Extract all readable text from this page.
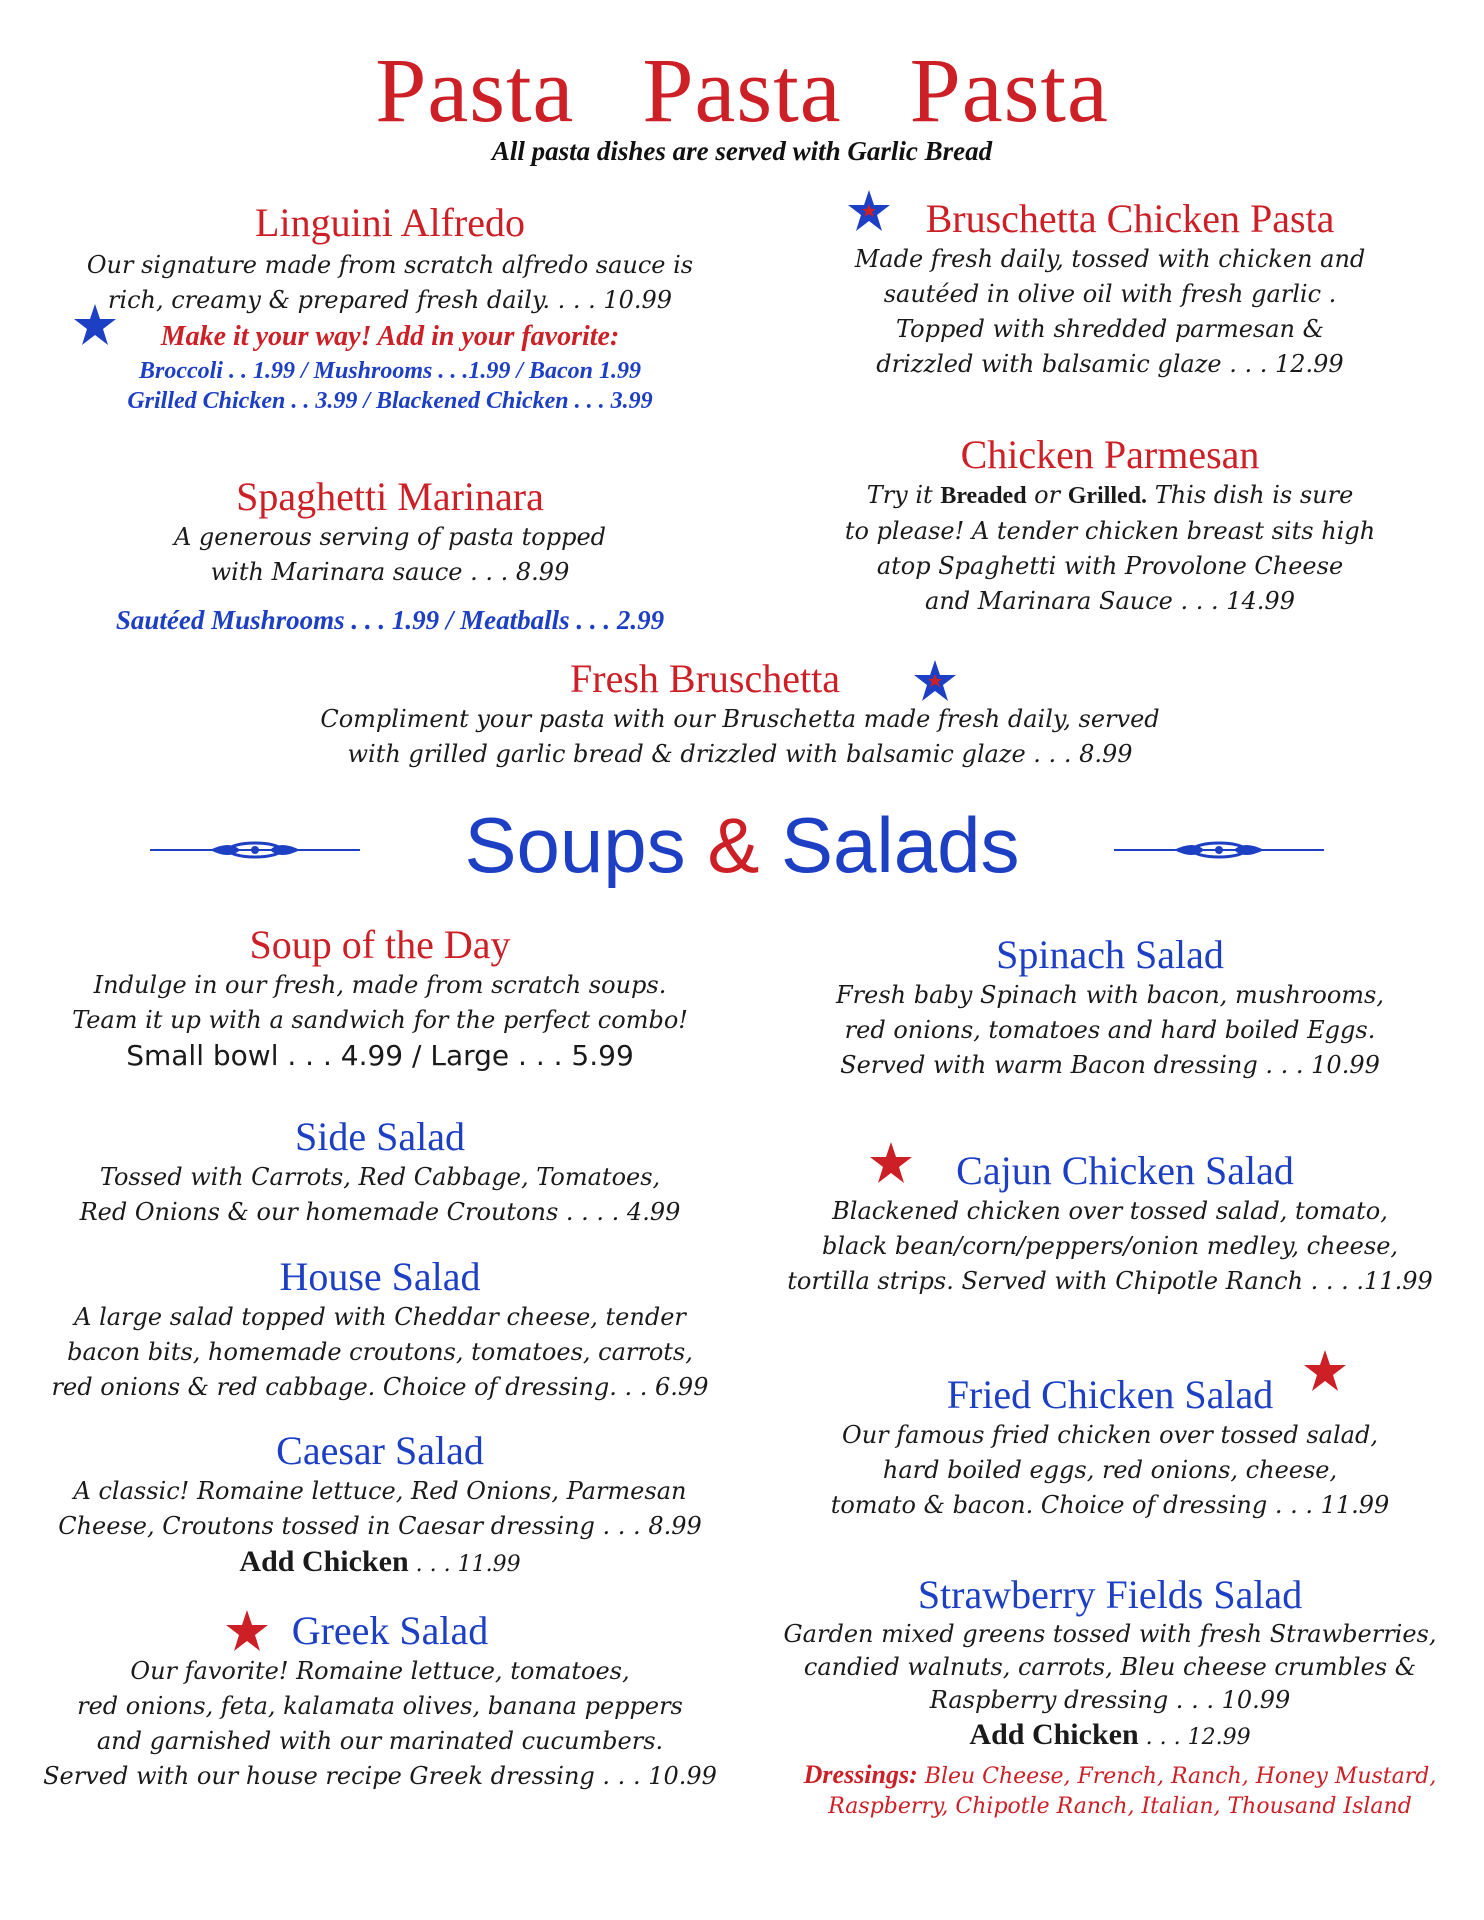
Pasta Pasta Pasta
All pasta dishes are served with Garlic Bread
Linguini Alfredo
Our signature made from scratch alfredo sauce is
rich, creamy & prepared fresh daily. . . . 10.99
Make it your way! Add in your favorite:
Broccoli . . 1.99 / Mushrooms . . .1.99 / Bacon 1.99
Grilled Chicken . . 3.99 / Blackened Chicken . . . 3.99
Bruschetta Chicken Pasta
Made fresh daily, tossed with chicken and
sautéed in olive oil with fresh garlic .
Topped with shredded parmesan &
drizzled with balsamic glaze . . . 12.99
Spaghetti Marinara
A generous serving of pasta topped
with Marinara sauce . . . 8.99
Sautéed Mushrooms . . . 1.99 / Meatballs . . . 2.99
Chicken Parmesan
Try it Breaded or Grilled. This dish is sure
to please! A tender chicken breast sits high
atop Spaghetti with Provolone Cheese
and Marinara Sauce . . . 14.99
Fresh Bruschetta
Compliment your pasta with our Bruschetta made fresh daily, served
with grilled garlic bread & drizzled with balsamic glaze . . . 8.99
Soups & Salads
Soup of the Day
Indulge in our fresh, made from scratch soups.
Team it up with a sandwich for the perfect combo!
Small bowl . . . 4.99 / Large . . . 5.99
Side Salad
Tossed with Carrots, Red Cabbage, Tomatoes,
Red Onions & our homemade Croutons . . . . 4.99
House Salad
A large salad topped with Cheddar cheese, tender
bacon bits, homemade croutons, tomatoes, carrots,
red onions & red cabbage. Choice of dressing. . . 6.99
Caesar Salad
A classic! Romaine lettuce, Red Onions, Parmesan
Cheese, Croutons tossed in Caesar dressing . . . 8.99
Add Chicken . . . 11.99
Greek Salad
Our favorite! Romaine lettuce, tomatoes,
red onions, feta, kalamata olives, banana peppers
and garnished with our marinated cucumbers.
Served with our house recipe Greek dressing . . . 10.99
Spinach Salad
Fresh baby Spinach with bacon, mushrooms,
red onions, tomatoes and hard boiled Eggs.
Served with warm Bacon dressing . . . 10.99
Cajun Chicken Salad
Blackened chicken over tossed salad, tomato,
black bean/corn/peppers/onion medley, cheese,
tortilla strips. Served with Chipotle Ranch . . . .11.99
Fried Chicken Salad
Our famous fried chicken over tossed salad,
hard boiled eggs, red onions, cheese,
tomato & bacon. Choice of dressing . . . 11.99
Strawberry Fields Salad
Garden mixed greens tossed with fresh Strawberries,
candied walnuts, carrots, Bleu cheese crumbles &
Raspberry dressing . . . 10.99
Add Chicken . . . 12.99
Dressings: Bleu Cheese, French, Ranch, Honey Mustard,
Raspberry, Chipotle Ranch, Italian, Thousand Island
